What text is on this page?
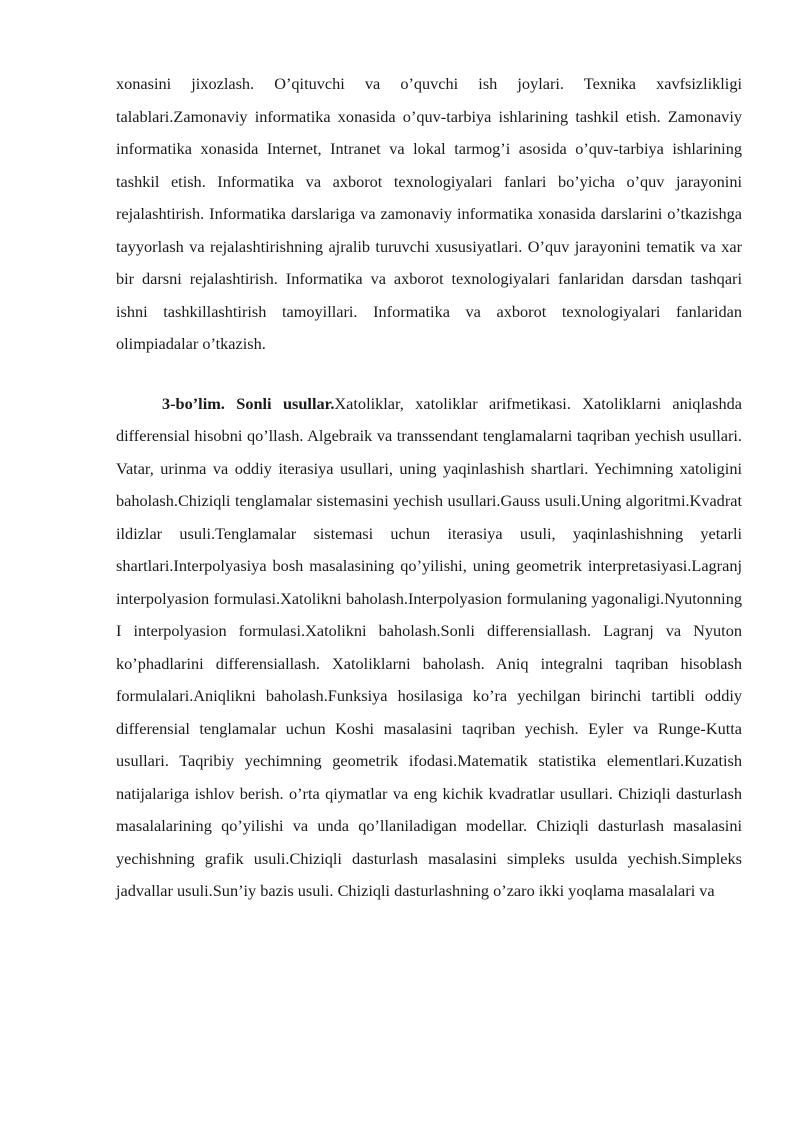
xonasini jixozlash. O’qituvchi va o’quvchi ish joylari. Texnika xavfsizlikligi talablari.Zamonaviy informatika xonasida o’quv-tarbiya ishlarining tashkil etish. Zamonaviy informatika xonasida Internet, Intranet va lokal tarmog’i asosida o’quv-tarbiya ishlarining tashkil etish. Informatika va axborot texnologiyalari fanlari bo’yicha o’quv jarayonini rejalashtirish. Informatika darslariga va zamonaviy informatika xonasida darslarini o’tkazishga tayyorlash va rejalashtirishning ajralib turuvchi xususiyatlari. O’quv jarayonini tematik va xar bir darsni rejalashtirish. Informatika va axborot texnologiyalari fanlaridan darsdan tashqari ishni tashkillashtirish tamoyillari. Informatika va axborot texnologiyalari fanlaridan olimpiadalar o’tkazish.

3-bo’lim. Sonli usullar.Xatoliklar, xatoliklar arifmetikasi. Xatoliklarni aniqlashda differensial hisobni qo’llash. Algebraik va transsendant tenglamalarni taqriban yechish usullari. Vatar, urinma va oddiy iterasiya usullari, uning yaqinlashish shartlari. Yechimning xatoligini baholash.Chiziqli tenglamalar sistemasini yechish usullari.Gauss usuli.Uning algoritmi.Kvadrat ildizlar usuli.Tenglamalar sistemasi uchun iterasiya usuli, yaqinlashishning yetarli shartlari.Interpolyasiya bosh masalasining qo’yilishi, uning geometrik interpretasiyasi.Lagranj interpolyasion formulasi.Xatolikni baholash.Interpolyasion formulaning yagonaligi.Nyutonning I interpolyasion formulasi.Xatolikni baholash.Sonli differensiallash. Lagranj va Nyuton ko’phadlarini differensiallash. Xatoliklarni baholash. Aniq integralni taqriban hisoblash formulalari.Aniqlikni baholash.Funksiya hosilasiga ko’ra yechilgan birinchi tartibli oddiy differensial tenglamalar uchun Koshi masalasini taqriban yechish. Eyler va Runge-Kutta usullari. Taqribiy yechimning geometrik ifodasi.Matematik statistika elementlari.Kuzatish natijalariga ishlov berish. o’rta qiymatlar va eng kichik kvadratlar usullari. Chiziqli dasturlash masalalarining qo’yilishi va unda qo’llaniladigan modellar. Chiziqli dasturlash masalasini yechishning grafik usuli.Chiziqli dasturlash masalasini simpleks usulda yechish.Simpleks jadvallar usuli.Sun’iy bazis usuli. Chiziqli dasturlashning o’zaro ikki yoqlama masalalari va
